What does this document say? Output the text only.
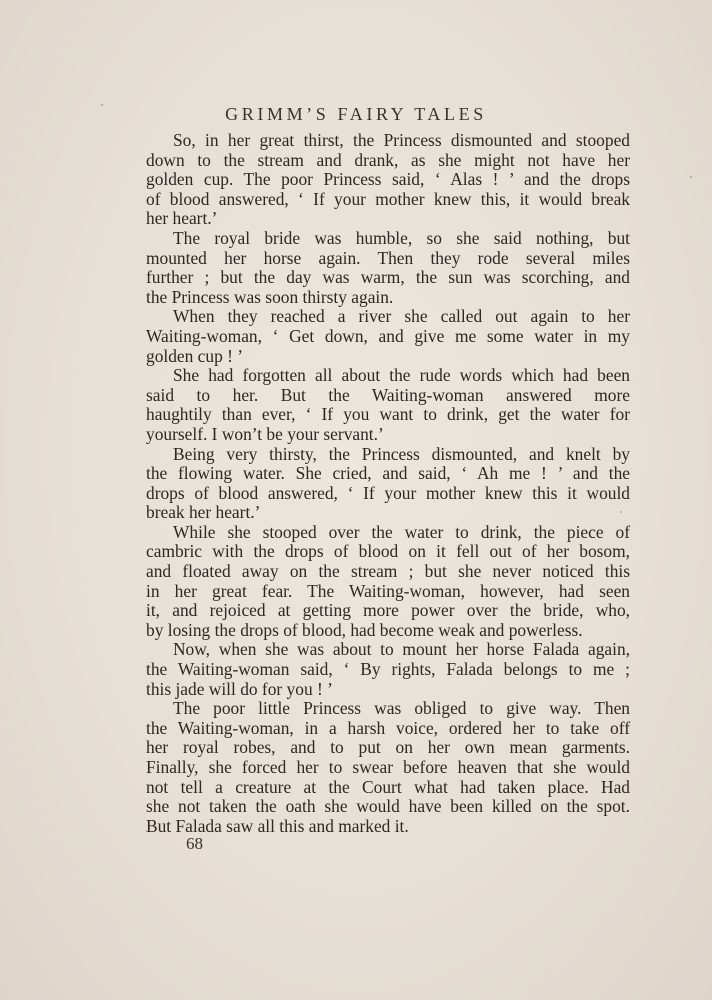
GRIMM’S FAIRY TALES
So, in her great thirst, the Princess dismounted and stooped
down to the stream and drank, as she might not have her
golden cup. The poor Princess said, ‘ Alas ! ’ and the drops
of blood answered, ‘ If your mother knew this, it would break
her heart.’
The royal bride was humble, so she said nothing, but
mounted her horse again. Then they rode several miles
further ; but the day was warm, the sun was scorching, and
the Princess was soon thirsty again.
When they reached a river she called out again to her
Waiting-woman, ‘ Get down, and give me some water in my
golden cup ! ’
She had forgotten all about the rude words which had been
said to her. But the Waiting-woman answered more
haughtily than ever, ‘ If you want to drink, get the water for
yourself. I won’t be your servant.’
Being very thirsty, the Princess dismounted, and knelt by
the flowing water. She cried, and said, ‘ Ah me ! ’ and the
drops of blood answered, ‘ If your mother knew this it would
break her heart.’
While she stooped over the water to drink, the piece of
cambric with the drops of blood on it fell out of her bosom,
and floated away on the stream ; but she never noticed this
in her great fear. The Waiting-woman, however, had seen
it, and rejoiced at getting more power over the bride, who,
by losing the drops of blood, had become weak and powerless.
Now, when she was about to mount her horse Falada again,
the Waiting-woman said, ‘ By rights, Falada belongs to me ;
this jade will do for you ! ’
The poor little Princess was obliged to give way. Then
the Waiting-woman, in a harsh voice, ordered her to take off
her royal robes, and to put on her own mean garments.
Finally, she forced her to swear before heaven that she would
not tell a creature at the Court what had taken place. Had
she not taken the oath she would have been killed on the spot.
But Falada saw all this and marked it.
68
